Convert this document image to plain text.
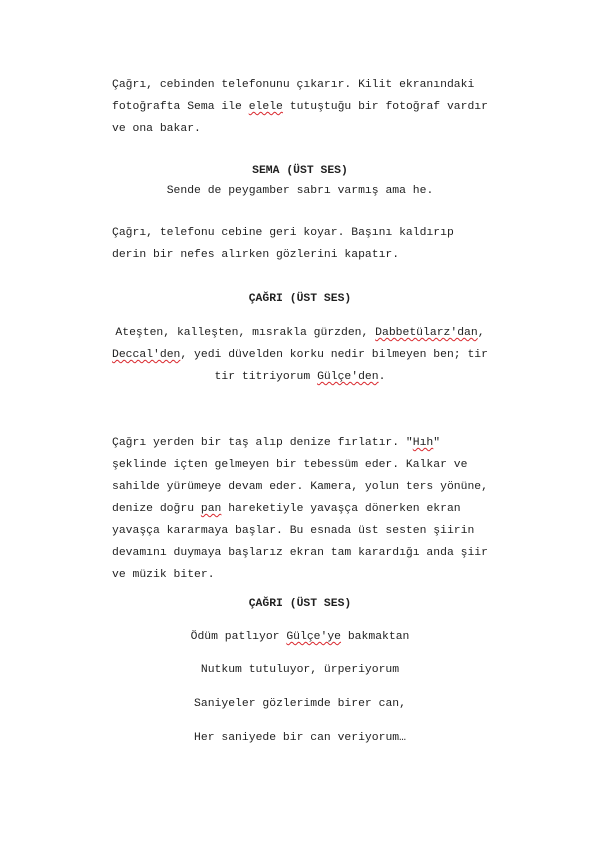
Çağrı, cebinden telefonunu çıkarır. Kilit ekranındaki
fotoğrafta Sema ile elele tutuştuğu bir fotoğraf vardır
ve ona bakar.
SEMA (ÜST SES)
Sende de peygamber sabrı varmış ama he.
Çağrı, telefonu cebine geri koyar. Başını kaldırıp
derin bir nefes alırken gözlerini kapatır.
ÇAĞRI (ÜST SES)
Ateşten, kalleşten, mısrakla gürzden, Dabbetülarz'dan,
Deccal'den, yedi düvelden korku nedir bilmeyen ben; tir
tir titriyorum Gülçe'den.
Çağrı yerden bir taş alıp denize fırlatır. "Hıh"
şeklinde içten gelmeyen bir tebessüm eder. Kalkar ve
sahilde yürümeye devam eder. Kamera, yolun ters yönüne,
denize doğru pan hareketiyle yavaşça dönerken ekran
yavaşça kararmaya başlar. Bu esnada üst sesten şiirin
devamını duymaya başlarız ekran tam karardığı anda şiir
ve müzik biter.
ÇAĞRI (ÜST SES)
Ödüm patlıyor Gülçe'ye bakmaktan
Nutkum tutuluyor, ürperiyorum
Saniyeler gözlerimde birer can,
Her saniyede bir can veriyorum…
